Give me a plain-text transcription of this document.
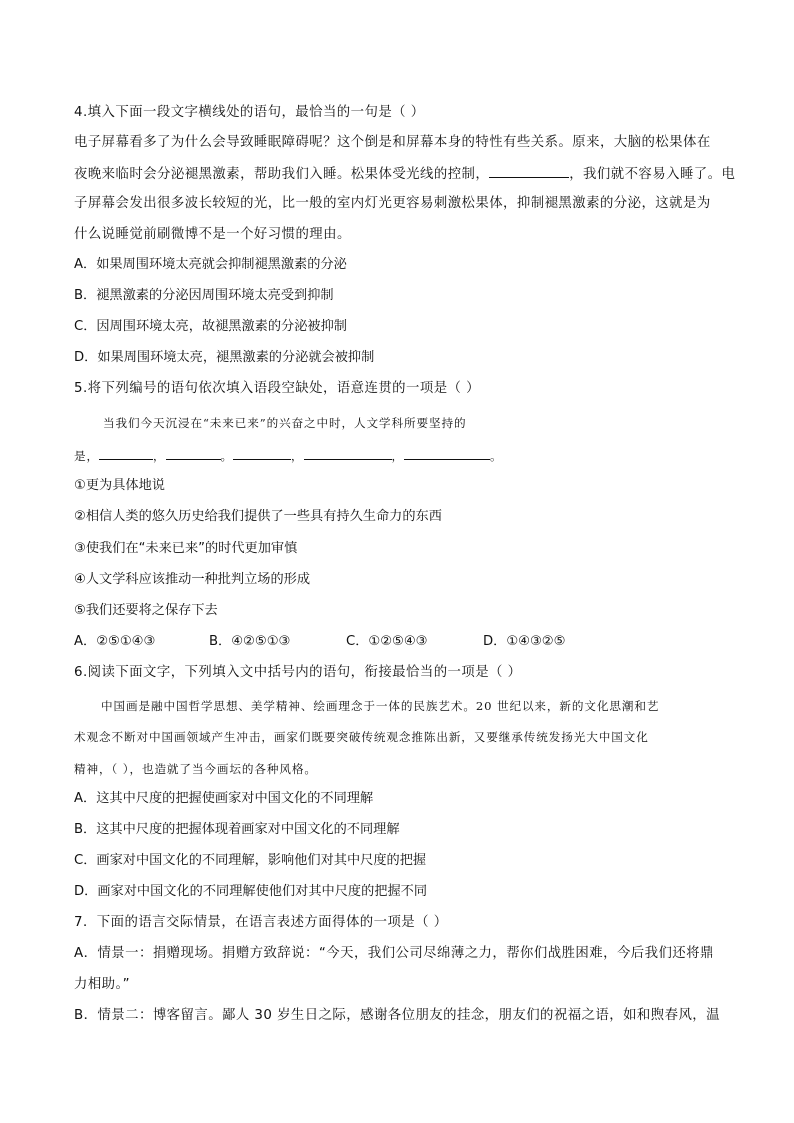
4.填入下面一段文字横线处的语句，最恰当的一句是（ ）
电子屏幕看多了为什么会导致睡眠障碍呢？这个倒是和屏幕本身的特性有些关系。原来，大脑的松果体在
夜晚来临时会分泌褪黑激素，帮助我们入睡。松果体受光线的控制，	，我们就不容易入睡了。电
子屏幕会发出很多波长较短的光，比一般的室内灯光更容易刺激松果体，抑制褪黑激素的分泌，这就是为
什么说睡觉前刷微博不是一个好习惯的理由。
A．如果周围环境太亮就会抑制褪黑激素的分泌
B．褪黑激素的分泌因周围环境太亮受到抑制
C．因周围环境太亮，故褪黑激素的分泌被抑制
D．如果周围环境太亮，褪黑激素的分泌就会被抑制
5.将下列编号的语句依次填入语段空缺处，语意连贯的一项是（ ）
当我们今天沉浸在“未来已来”的兴奋之中时，人文学科所要坚持的
是，	，	。	，	，	。
①更为具体地说
②相信人类的悠久历史给我们提供了一些具有持久生命力的东西
③使我们在“未来已来”的时代更加审慎
④人文学科应该推动一种批判立场的形成
⑤我们还要将之保存下去
A．②⑤①④③	B．④②⑤①③	C．①②⑤④③	D．①④③②⑤
6.阅读下面文字，下列填入文中括号内的语句，衔接最恰当的一项是（ ）
中国画是融中国哲学思想、美学精神、绘画理念于一体的民族艺术。20 世纪以来，新的文化思潮和艺
术观念不断对中国画领域产生冲击，画家们既要突破传统观念推陈出新，又要继承传统发扬光大中国文化
精神，（ ），也造就了当今画坛的各种风格。
A．这其中尺度的把握使画家对中国文化的不同理解
B．这其中尺度的把握体现着画家对中国文化的不同理解
C．画家对中国文化的不同理解，影响他们对其中尺度的把握
D．画家对中国文化的不同理解使他们对其中尺度的把握不同
7．下面的语言交际情景，在语言表述方面得体的一项是（ ）
A．情景一：捐赠现场。捐赠方致辞说：“今天，我们公司尽绵薄之力，帮你们战胜困难，今后我们还将鼎
力相助。”
B．情景二：博客留言。鄙人 30 岁生日之际，感谢各位朋友的挂念，朋友们的祝福之语，如和煦春风，温
